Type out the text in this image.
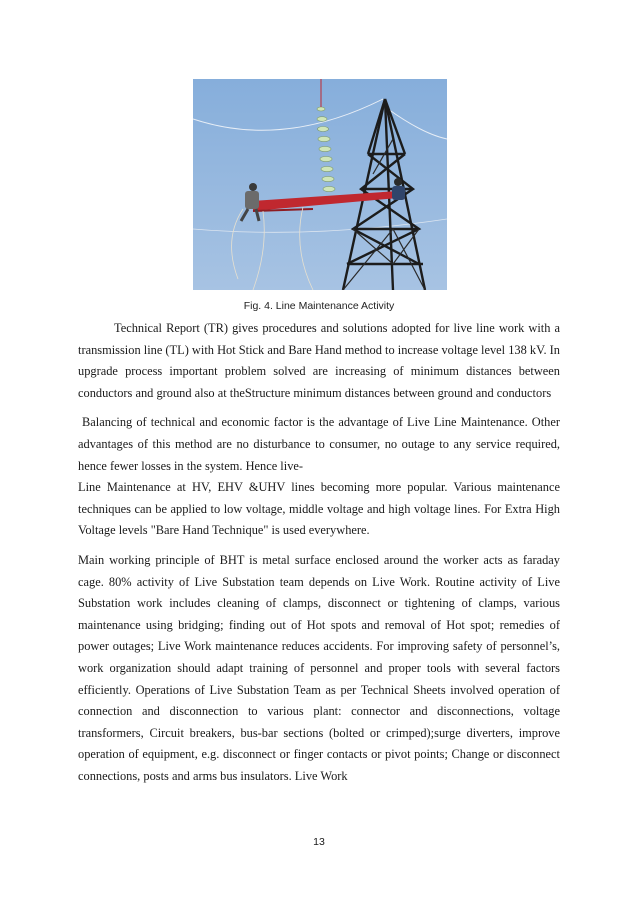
Fig. 4. Line Maintenance Activity

Technical Report (TR) gives procedures and solutions adopted for live line work with a transmission line (TL) with Hot Stick and Bare Hand method to increase voltage level 138 kV. In upgrade process important problem solved are increasing of minimum distances between conductors and ground also at theStructure minimum distances between ground and conductors

Balancing of technical and economic factor is the advantage of Live Line Maintenance. Other advantages of this method are no disturbance to consumer, no outage to any service required, hence fewer losses in the system. Hence live-

Line Maintenance at HV, EHV &UHV lines becoming more popular. Various maintenance techniques can be applied to low voltage, middle voltage and high voltage lines. For Extra High Voltage levels "Bare Hand Technique" is used everywhere.

Main working principle of BHT is metal surface enclosed around the worker acts as faraday cage. 80% activity of Live Substation team depends on Live Work. Routine activity of Live Substation work includes cleaning of clamps, disconnect or tightening of clamps, various maintenance using bridging; finding out of Hot spots and removal of Hot spot; remedies of power outages; Live Work maintenance reduces accidents. For improving safety of personnel’s, work organization should adapt training of personnel and proper tools with several factors efficiently. Operations of Live Substation Team as per Technical Sheets involved operation of connection and disconnection to various plant: connector and disconnections, voltage transformers, Circuit breakers, bus-bar sections (bolted or crimped);surge diverters, improve operation of equipment, e.g. disconnect or finger contacts or pivot points; Change or disconnect connections, posts and arms bus insulators. Live Work

13
